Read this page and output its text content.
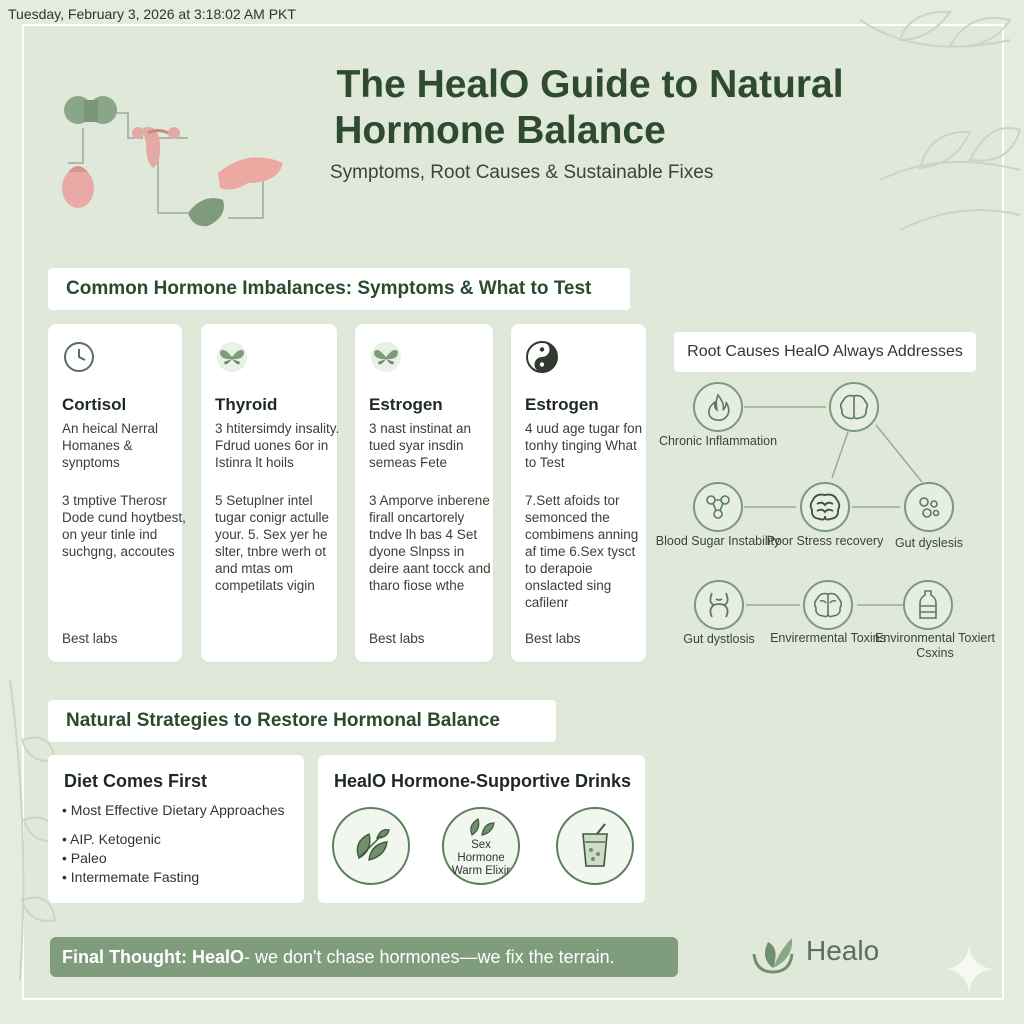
Tuesday, February 3, 2026 at 3:18:02 AM PKT
The HealO Guide to Natural
Hormone Balance
Symptoms, Root Causes & Sustainable Fixes
Common Hormone Imbalances: Symptoms & What to Test
Cortisol
An heical Nerral Homanes & synptoms
3 tmptive Therosr Dode cund hoytbest, on yeur tinle ind suchgng, accoutes
Best labs
Thyroid
3 htitersimdy insality. Fdrud uones 6or in Istinra lt hoils
5 Setuplner intel tugar conigr actulle your. 5. Sex yer he slter, tnbre werh ot and mtas om competilats vigin
Estrogen
3 nast instinat an tued syar insdin semeas Fete
3 Amporve inberene firall oncartorely tndve lh bas 4 Set dyone Slnpss in deire aant tocck and tharo fiose wthe
Best labs
Estrogen
4 uud age tugar fon tonhy tinging What to Test
7.Sett afoids tor semonced the combimens anning af time 6.Sex tysct to derapoie onslacted sing cafilenr
Best labs
Root Causes HealO Always Addresses
Chronic Inflammation
Blood Sugar Instability
Poor Stress recovery Gut dyslesis
Gut dystlosis	Envirermental Toxins
Environmental Toxiert Csxins
Natural Strategies to Restore Hormonal Balance
Diet Comes First
• Most Effective Dietary Approaches
• AIP. Ketogenic
• Paleo
• Intermemate Fasting
HealO Hormone-Supportive Drinks
Sex Hormone Warm Elixir
Final Thought: HealO - we don't chase hormones—we fix the terrain.	Healo
